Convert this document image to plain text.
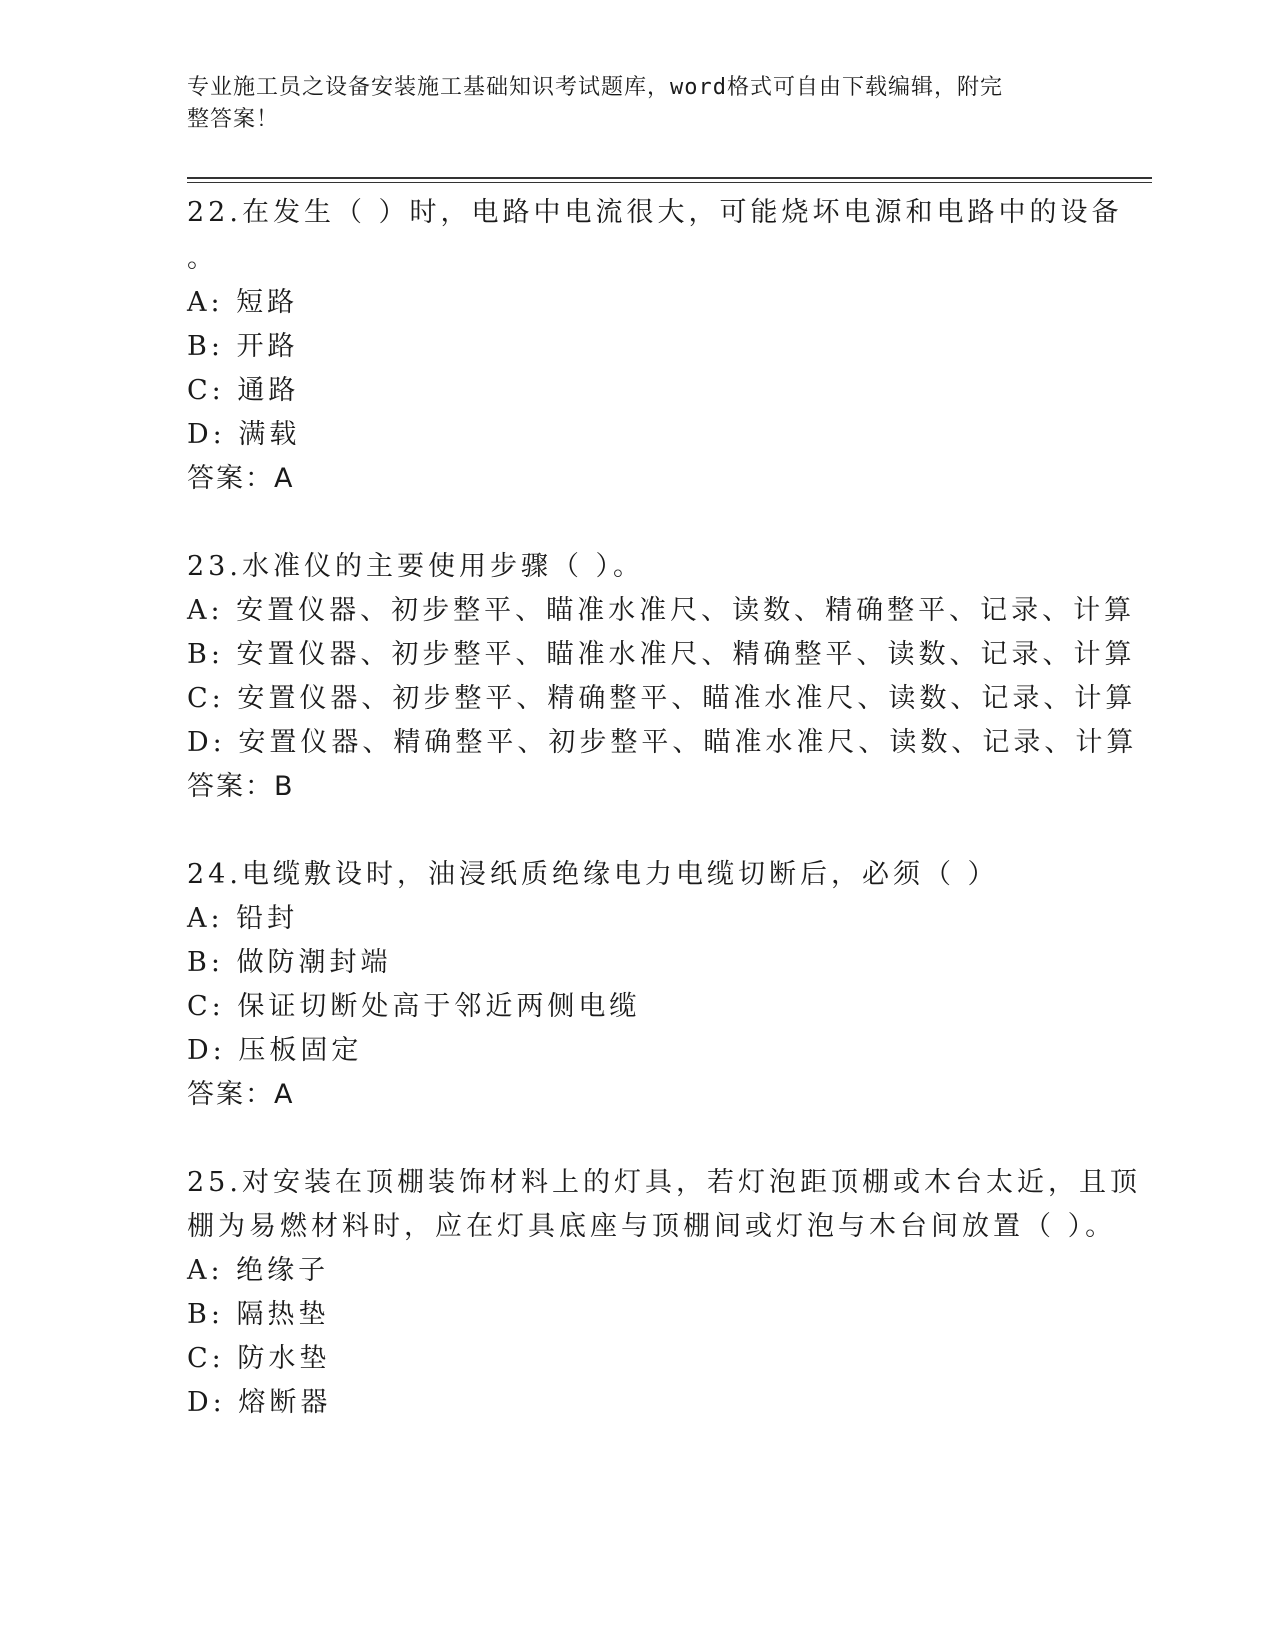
专业施工员之设备安装施工基础知识考试题库，word格式可自由下载编辑，附完
整答案！
22.在发生（ ）时，电路中电流很大，可能烧坏电源和电路中的设备
。
A: 短路
B: 开路
C: 通路
D: 满载
答案：A
23.水准仪的主要使用步骤（ ）。
A: 安置仪器、初步整平、瞄准水准尺、读数、精确整平、记录、计算
B: 安置仪器、初步整平、瞄准水准尺、精确整平、读数、记录、计算
C: 安置仪器、初步整平、精确整平、瞄准水准尺、读数、记录、计算
D: 安置仪器、精确整平、初步整平、瞄准水准尺、读数、记录、计算
答案：B
24.电缆敷设时，油浸纸质绝缘电力电缆切断后，必须（ ）
A: 铅封
B: 做防潮封端
C: 保证切断处高于邻近两侧电缆
D: 压板固定
答案：A
25.对安装在顶棚装饰材料上的灯具，若灯泡距顶棚或木台太近，且顶
棚为易燃材料时，应在灯具底座与顶棚间或灯泡与木台间放置（ ）。
A: 绝缘子
B: 隔热垫
C: 防水垫
D: 熔断器
